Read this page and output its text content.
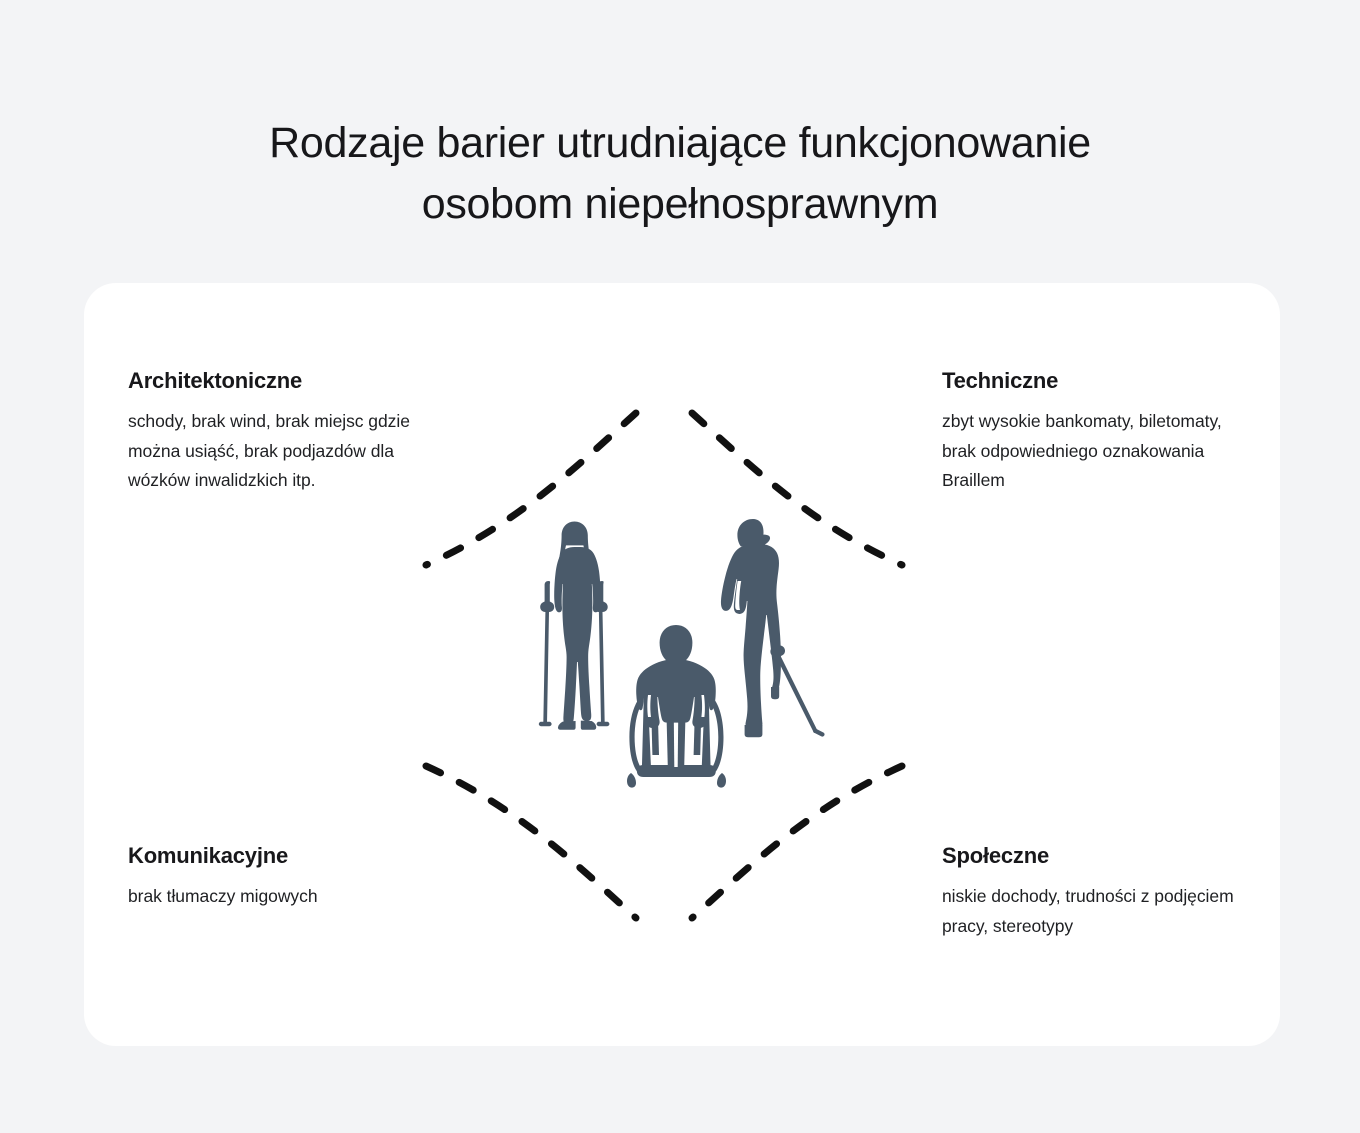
Rodzaje barier utrudniające funkcjonowanie
osobom niepełnosprawnym

Architektoniczne

schody, brak wind, brak miejsc gdzie można usiąść, brak podjazdów dla wózków inwalidzkich itp.

Techniczne

zbyt wysokie bankomaty, biletomaty, brak odpowiedniego oznakowania Braillem

Komunikacyjne

brak tłumaczy migowych

Społeczne

niskie dochody, trudności z podjęciem pracy, stereotypy
